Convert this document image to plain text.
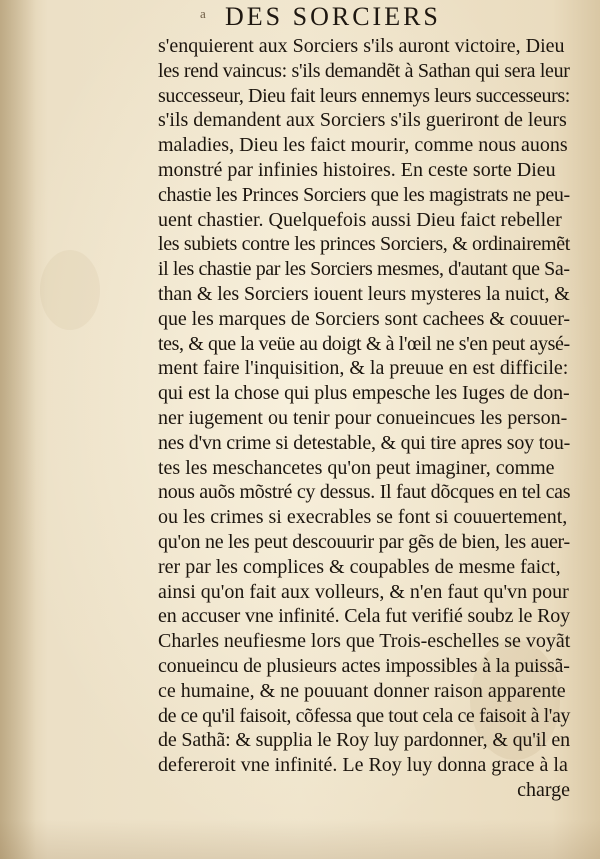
a DES SORCIERS
s'enquierent aux Sorciers s'ils auront victoire, Dieu
les rend vaincus: s'ils demandẽt à Sathan qui sera leur
successeur, Dieu fait leurs ennemys leurs successeurs:
s'ils demandent aux Sorciers s'ils gueriront de leurs
maladies, Dieu les faict mourir, comme nous auons
monstré par infinies histoires. En ceste sorte Dieu
chastie les Princes Sorciers que les magistrats ne peu-
uent chastier. Quelquefois aussi Dieu faict rebeller
les subiets contre les princes Sorciers, & ordinairemẽt
il les chastie par les Sorciers mesmes, d'autant que Sa-
than & les Sorciers iouent leurs mysteres la nuict, &
que les marques de Sorciers sont cachees & couuer-
tes, & que la veüe au doigt & à l'œil ne s'en peut aysé-
ment faire l'inquisition, & la preuue en est difficile:
qui est la chose qui plus empesche les Iuges de don-
ner iugement ou tenir pour conueincues les person-
nes d'vn crime si detestable, & qui tire apres soy tou-
tes les meschancetes qu'on peut imaginer, comme
nous auõs mõstré cy dessus. Il faut dõcques en tel cas
ou les crimes si execrables se font si couuertement,
qu'on ne les peut descouurir par gẽs de bien, les auer-
rer par les complices & coupables de mesme faict,
ainsi qu'on fait aux volleurs, & n'en faut qu'vn pour
en accuser vne infinité. Cela fut verifié soubz le Roy
Charles neufiesme lors que Trois-eschelles se voyãt
conueincu de plusieurs actes impossibles à la puissã-
ce humaine, & ne pouuant donner raison apparente
de ce qu'il faisoit, cõfessa que tout cela ce faisoit à l'ay
de Sathã: & supplia le Roy luy pardonner, & qu'il en
defereroit vne infinité. Le Roy luy donna grace à la
charge
